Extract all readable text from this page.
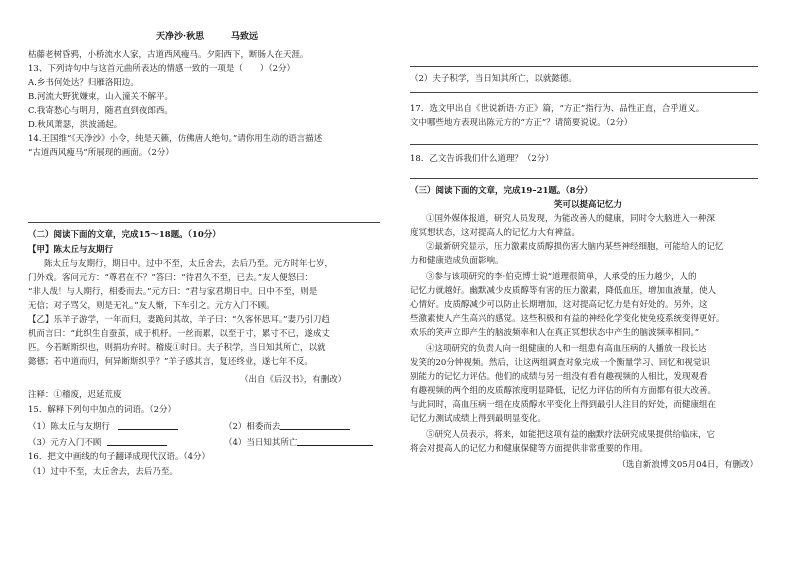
天净沙·秋思	马致远
枯藤老树昏鸦，小桥流水人家，古道西风瘦马。夕阳西下，断肠人在天涯。
13、下列诗句中与这首元曲所表达的情感一致的一项是（　　）（2分）
A.乡书何处达？归雁洛阳边。
B.河流大野犹嫌束，山入潼关不解平。
C.我寄愁心与明月，随君直到夜郎西。
D.秋风萧瑟，洪波涌起。
14.王国维“《天净沙》小令，纯是天籁，仿佛唐人绝句。”请你用生动的语言描述
“古道西风瘦马”所展现的画面。（2分）
（二）阅读下面的文章，完成15～18题。（10分）
【甲】陈太丘与友期行
陈太丘与友期行，期日中。过中不至，太丘舍去，去后乃至。元方时年七岁，
门外戏。客问元方：“尊君在不？”答曰：“待君久不至，已去。”友人便怒曰：
“非人哉！与人期行，相委而去。”元方曰：“君与家君期日中。日中不至，则是
无信；对子骂父，则是无礼。”友人惭，下车引之。元方入门不顾。
【乙】乐羊子游学，一年而归，妻跪问其故，羊子曰：“久客怀思耳。”妻乃引刀趋
机而言曰：“此织生自蚕茧，成于机杼。一丝而累，以至于寸，累寸不已，遂成丈
匹。今若断斯织也，则捐功弃时。稽废①时日。夫子积学，当日知其所亡，以就
懿德；若中道而归，何异断斯织乎？”羊子感其言，复还终业，遂七年不反。
（出自《后汉书》，有删改）
注释：①稽废，迟延荒废
15．解释下列句中加点的词语。（2分）
（1）陈太丘与友期行	（2）相委而去
（3）元方入门不顾	（4）当日知其所亡
16．把文中画线的句子翻译成现代汉语。（4分）
（1）过中不至，太丘舍去，去后乃至。
（2）夫子积学，当日知其所亡，以就懿德。
17．选文甲出自《世说新语·方正》篇，“方正”指行为、品性正直，合乎道义。
文中哪些地方表现出陈元方的“方正”？请简要说说。（2分）
18．乙文告诉我们什么道理？（2分）
（三）阅读下面的文章，完成19–21题。（8分）
笑可以提高记忆力
①国外媒体报道，研究人员发现，为能改善人的健康，同时令大脑进入一种深
度冥想状态，这对提高人的记忆力大有裨益。
②最新研究显示，压力激素皮质醇损伤害大脑内某些神经细胞，可能给人的记忆
力和健康造成负面影响。
③参与该项研究的李·伯克博士说“道理很简单，人承受的压力越少，人的
记忆力就越好。幽默减少皮质醇等有害的压力激素，降低血压，增加血液量，使人
心情好。皮质醇减少可以防止长期增加，这对提高记忆力是有好处的。另外，这
些激素使人产生高兴的感觉。这些积极和有益的神经化学变化使免疫系统变得更好。
欢乐的笑声立即产生的脑波频率和人在真正冥想状态中产生的脑波频率相同。”
④这项研究的负责人向一组健康的人和一组患有高血压病的人播放一段长达
发笑的20分钟视频。然后，让这两组调查对象完成一个衡量学习、回忆和视觉识
别能力的记忆力评估。他们的成绩与另一组没有看有趣视频的人相比，发现观看
有趣视频的两个组的皮质醇浓度明显降低，记忆力评估的所有方面都有很大改善。
与此同时，高血压病一组在皮质醇水平变化上得到最引人注目的好处，而健康组在
记忆力测试成绩上得到最明显变化。
⑤研究人员表示，将来，如能把这项有益的幽默疗法研究成果提供给临床，它
将会对提高人的记忆力和健康保健等方面提供非常重要的作用。
（选自新浪博文05月04日，有删改）
